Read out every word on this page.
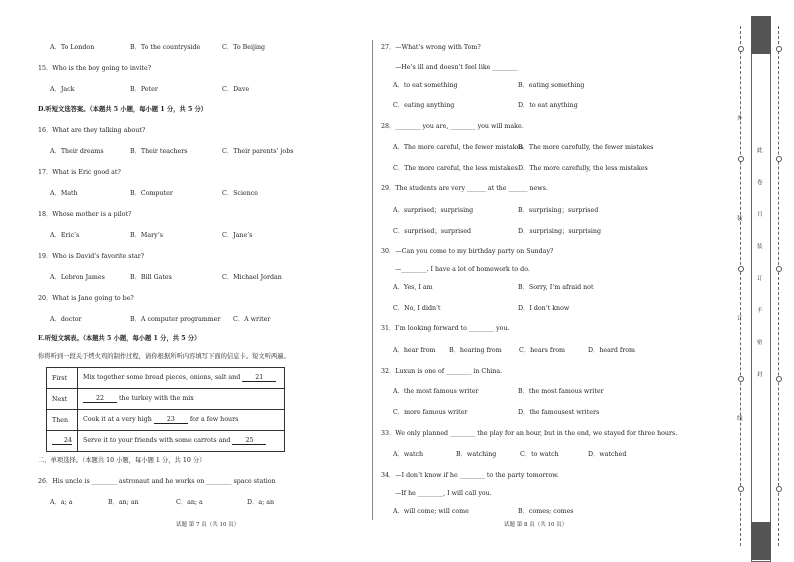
A．To London	B．To the countryside	C．To Beijing
15．Who is the boy going to invite?
A．Jack	B．Peter	C．Dave
D.听短文选答案。（本题共 5 小题，每小题 1 分，共 5 分）
16．What are they talking about?
A．Their dreams	B．Their teachers	C．Their parents’ jobs
17．What is Eric good at?
A．Math	B．Computer	C．Science
18．Whose mother is a pilot?
A．Eric’s	B．Mary’s	C．Jane’s
19．Who is David’s favorite star?
A．Lebron James	B．Bill Gates	C．Michael Jordan
20．What is Jane going to be?
A．doctor	B．A computer programmer C．A writer
E.听短文填表。（本题共 5 小题，每小题 1 分，共 5 分）
你将听到一段关于烤火鸡的制作过程，请你根据所听内容填写下面的信息卡。短文听两遍。
First	Mix together some bread pieces, onions, salt and 21
Next	22 the turkey with the mix
Then	Cook it at a very high 23 for a few hours
24	Serve it to your friends with some carrots and 25
二、单项选择。（本题共 10 小题，每小题 1 分，共 10 分）
26．His uncle is ________ astronaut and he works on ________ space station
A．a; a	B．an; an	C．an; a	D．a; an
试题 第 7 页（共 10 页）
27．—What’s wrong with Tom?
—He’s ill and doesn’t feel like ________
A．to eat something	B．eating something
C．eating anything	D．to eat anything
28．________ you are, ________ you will make.
A．The more careful, the fewer mistakes
B．The more carefully, the fewer mistakes
C．The more careful, the less mistakes D．The more carefully, the less mistakes
29．The students are very ______ at the ______ news.
A．surprised；surprising	B．surprising；surprised
C．surprised；surprised	D．surprising；surprising
30．—Can you come to my birthday party on Sunday?
—________. I have a lot of homework to do.
A．Yes, I am	B．Sorry, I’m afraid not
C．No, I didn’t	D．I don’t know
31．I’m looking forward to ________ you.
A．hear from B．hearing from	C．hears from	D．heard from
32．Luxun is one of ________ in China.
A．the most famous writer	B．the most famous writer
C．more famous writer	D．the famousest writers
33．We only planned ________ the play for an hour, but in the end, we stayed for three hours.
A．watch	B．watching	C．to watch	D．watched
34．—I don’t know if he ________ to the party tomorrow.
—If he ________, I will call you.
A．will come; will come	B．comes; comes
试题 第 8 页（共 10 页）
外
装
订
线
此
卷
只
装
订
不
密
封
